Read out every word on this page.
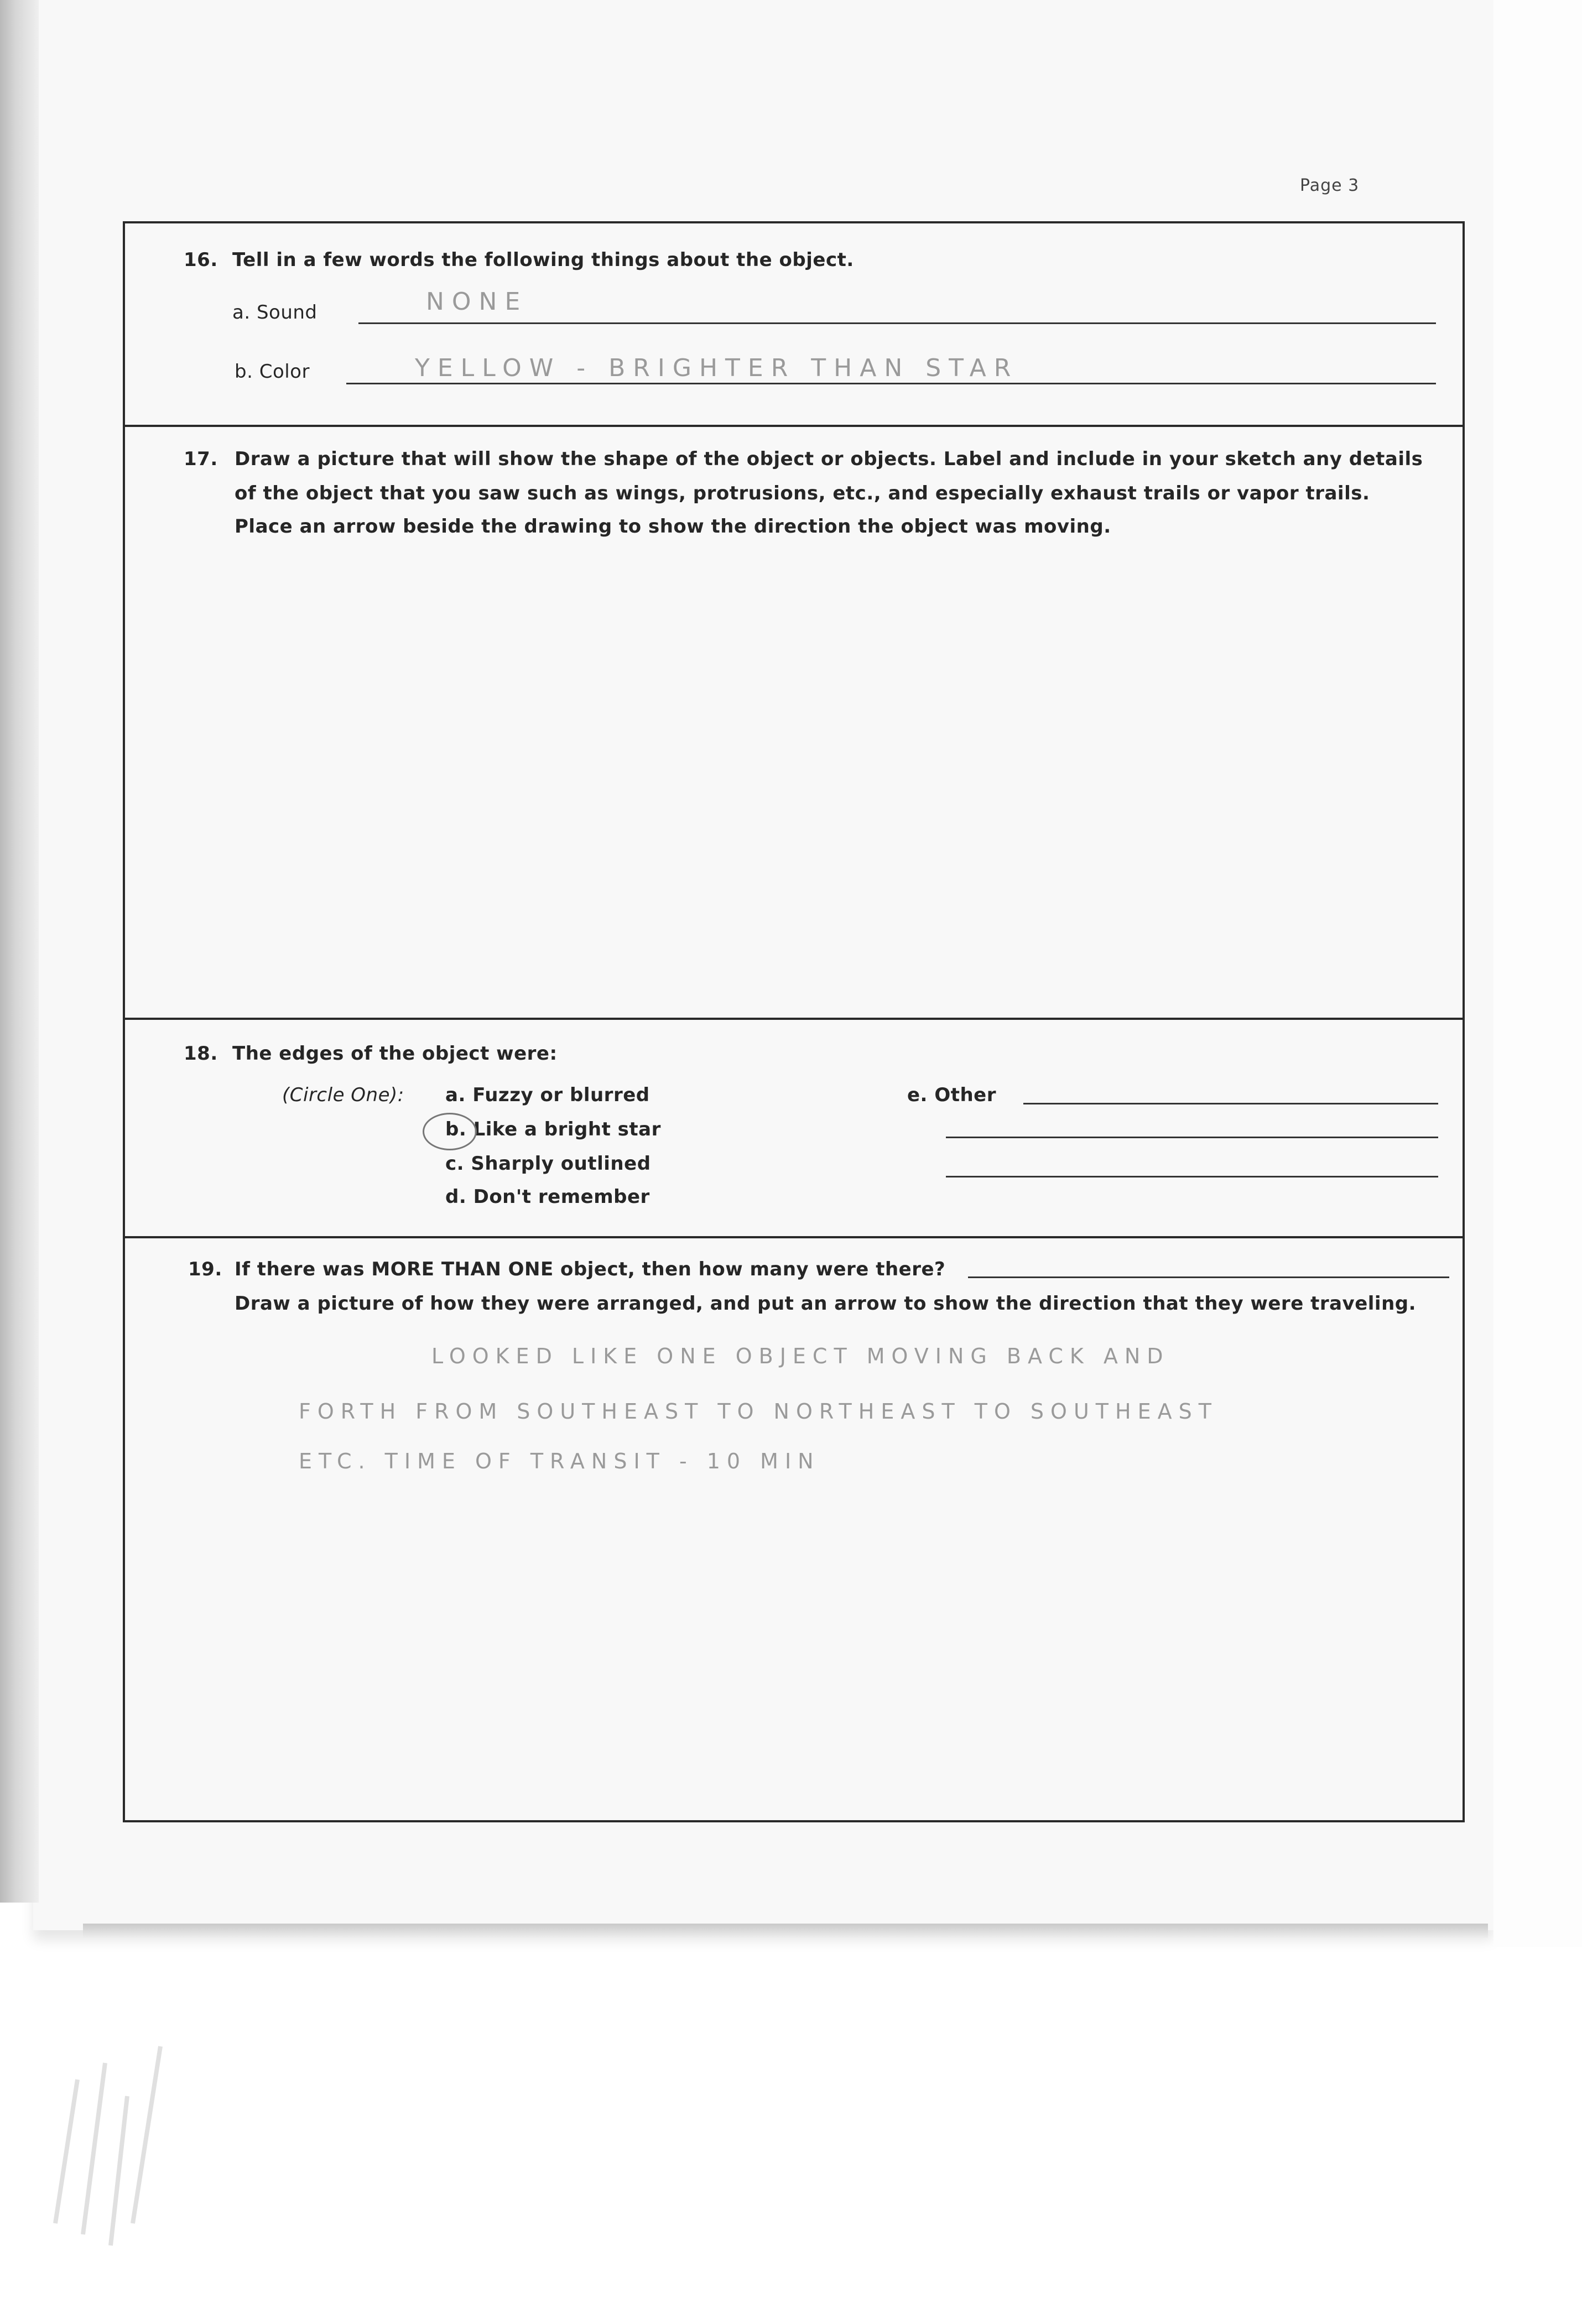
Page 3
16. Tell in a few words the following things about the object.
a. Sound	NONE
b. Color	YELLOW - BRIGHTER THAN STAR
17. Draw a picture that will show the shape of the object or objects. Label and include in your sketch any details
of the object that you saw such as wings, protrusions, etc., and especially exhaust trails or vapor trails.
Place an arrow beside the drawing to show the direction the object was moving.
18. The edges of the object were:
(Circle One): a. Fuzzy or blurred
b. Like a bright star
c. Sharply outlined
d. Don't remember
e. Other
19. If there was MORE THAN ONE object, then how many were there?
Draw a picture of how they were arranged, and put an arrow to show the direction that they were traveling.
LOOKED LIKE ONE OBJECT MOVING BACK AND
FORTH FROM SOUTHEAST TO NORTHEAST TO SOUTHEAST
ETC. TIME OF TRANSIT - 10 MIN
